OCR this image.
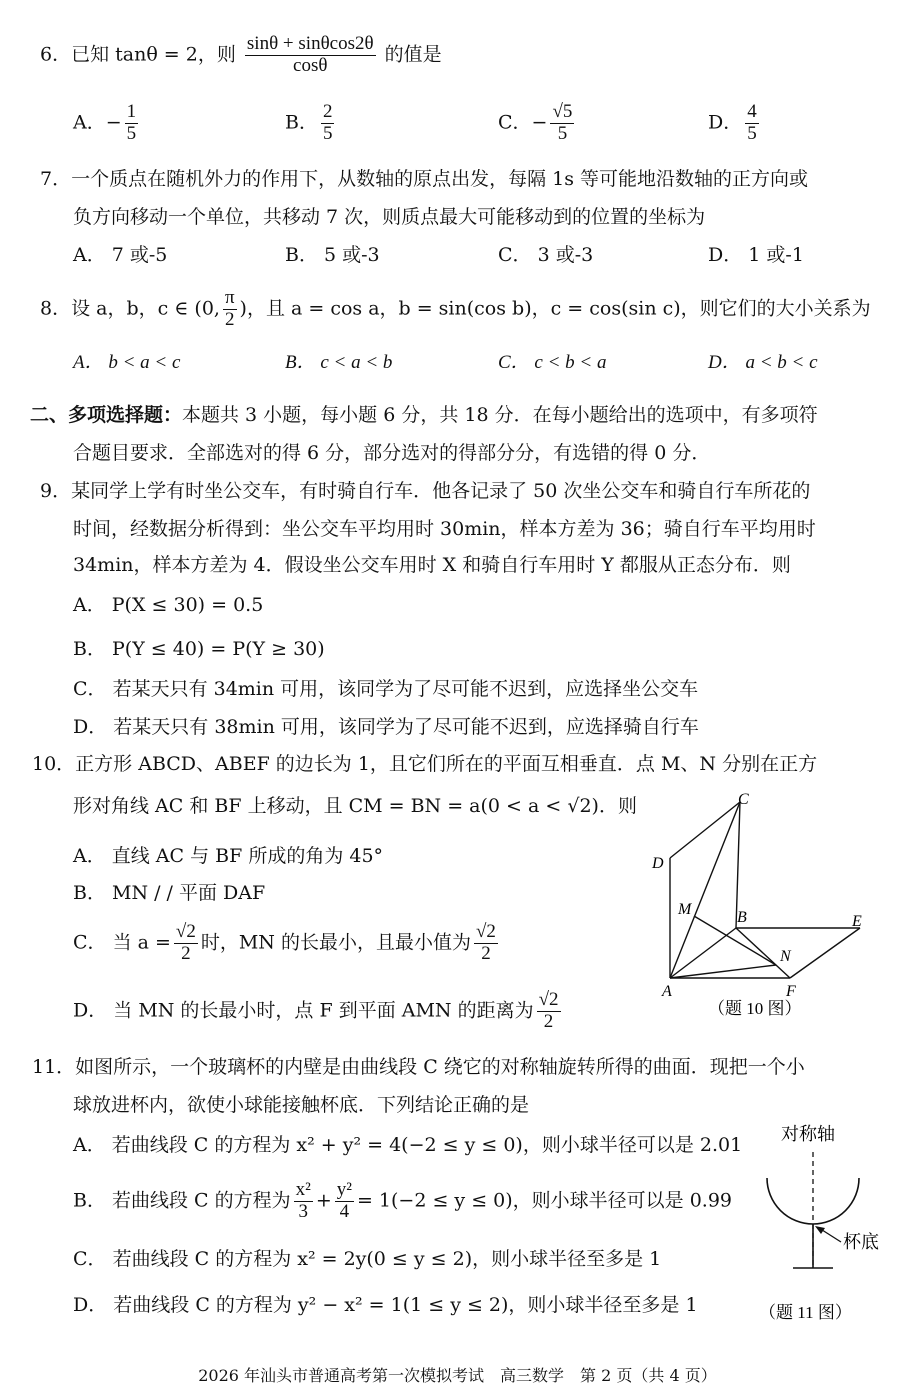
6．已知 tanθ = 2，则 $\frac{\sin\theta + \sin\theta\cos 2\theta}{\cos\theta}$ 的值是
A．− $\frac{1}{5}$	B． $\frac{2}{5}$	C．− $\frac{√5}{5}$	D． $\frac{4}{5}$
7．一个质点在随机外力的作用下，从数轴的原点出发，每隔 1s 等可能地沿数轴的正方向或
负方向移动一个单位，共移动 7 次，则质点最大可能移动到的位置的坐标为
A． 7 或-5	B． 5 或-3	C． 3 或-3	D． 1 或-1
8．设 a，b，c ∈ (0, $\frac{\pi}{2}$ )，且 a = cos a，b = sin(cos b)，c = cos(sin c)，则它们的大小关系为
A． b < a < c	B． c < a < b	C． c < b < a	D． a < b < c
二、多项选择题：本题共 3 小题，每小题 6 分，共 18 分．在每小题给出的选项中，有多项符
合题目要求．全部选对的得 6 分，部分选对的得部分分，有选错的得 0 分．
9．某同学上学有时坐公交车，有时骑自行车．他各记录了 50 次坐公交车和骑自行车所花的
时间，经数据分析得到：坐公交车平均用时 30min，样本方差为 36；骑自行车平均用时
34min，样本方差为 4．假设坐公交车用时 X 和骑自行车用时 Y 都服从正态分布．则
A． P(X ≤ 30) = 0.5
B． P(Y ≤ 40) = P(Y ≥ 30)
C． 若某天只有 34min 可用，该同学为了尽可能不迟到，应选择坐公交车
D． 若某天只有 38min 可用，该同学为了尽可能不迟到，应选择骑自行车
10．正方形 ABCD、ABEF 的边长为 1，且它们所在的平面互相垂直．点 M、N 分别在正方
形对角线 AC 和 BF 上移动，且 CM = BN = a(0 < a < √2)．则
A． 直线 AC 与 BF 所成的角为 45°
B． MN / / 平面 DAF
C． 当 $a = \frac{√2}{2}$ 时，MN 的长最小，且最小值为 $\frac{√2}{2}$
D． 当 MN 的长最小时，点 F 到平面 AMN 的距离为 $\frac{√2}{2}$
C
D
M	B	E
N
A	F
（题 10 图）
11．如图所示，一个玻璃杯的内壁是由曲线段 C 绕它的对称轴旋转所得的曲面．现把一个小
球放进杯内，欲使小球能接触杯底．下列结论正确的是
A． 若曲线段 C 的方程为 x² + y² = 4(−2 ≤ y ≤ 0)，则小球半径可以是 2.01
B． 若曲线段 C 的方程为 $\frac{\text{x²}}{3} + \frac{\text{y²}}{4} = 1(-2 \le y \le 0)$，则小球半径可以是 0.99
C． 若曲线段 C 的方程为 x² = 2y(0 ≤ y ≤ 2)，则小球半径至多是 1
D． 若曲线段 C 的方程为 y² − x² = 1(1 ≤ y ≤ 2)，则小球半径至多是 1
对称轴
杯底
（题 11 图）
2026 年汕头市普通高考第一次模拟考试　高三数学　第 2 页（共 4 页）
